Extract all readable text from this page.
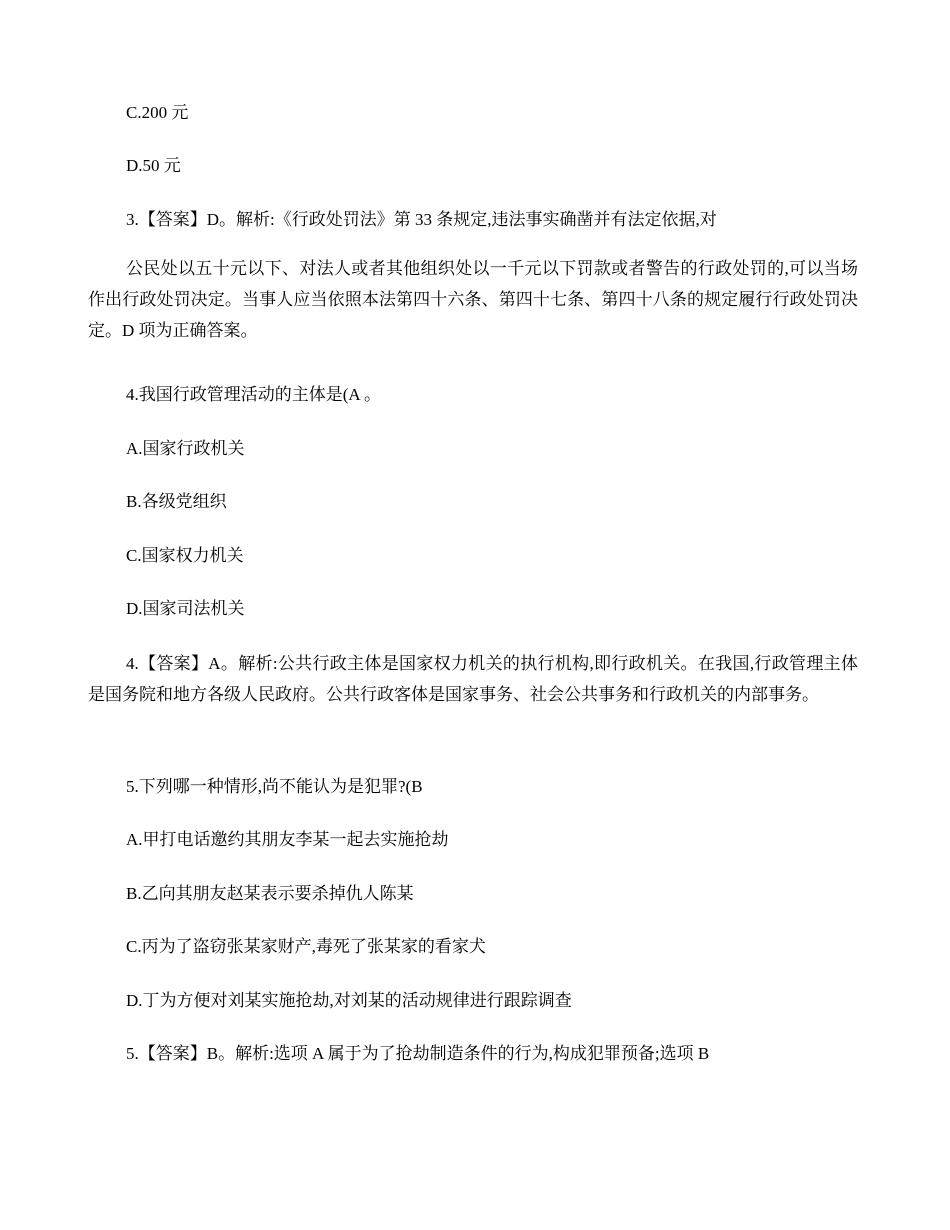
C.200 元
D.50 元
3.【答案】D。解析:《行政处罚法》第 33 条规定,违法事实确凿并有法定依据,对
公民处以五十元以下、对法人或者其他组织处以一千元以下罚款或者警告的行政处罚的,可以当场作出行政处罚决定。当事人应当依照本法第四十六条、第四十七条、第四十八条的规定履行行政处罚决定。D 项为正确答案。
4.我国行政管理活动的主体是(A 。
A.国家行政机关
B.各级党组织
C.国家权力机关
D.国家司法机关
4.【答案】A。解析:公共行政主体是国家权力机关的执行机构,即行政机关。在我国,行政管理主体是国务院和地方各级人民政府。公共行政客体是国家事务、社会公共事务和行政机关的内部事务。
5.下列哪一种情形,尚不能认为是犯罪?(B
A.甲打电话邀约其朋友李某一起去实施抢劫
B.乙向其朋友赵某表示要杀掉仇人陈某
C.丙为了盗窃张某家财产,毒死了张某家的看家犬
D.丁为方便对刘某实施抢劫,对刘某的活动规律进行跟踪调查
5.【答案】B。解析:选项 A 属于为了抢劫制造条件的行为,构成犯罪预备;选项 B
